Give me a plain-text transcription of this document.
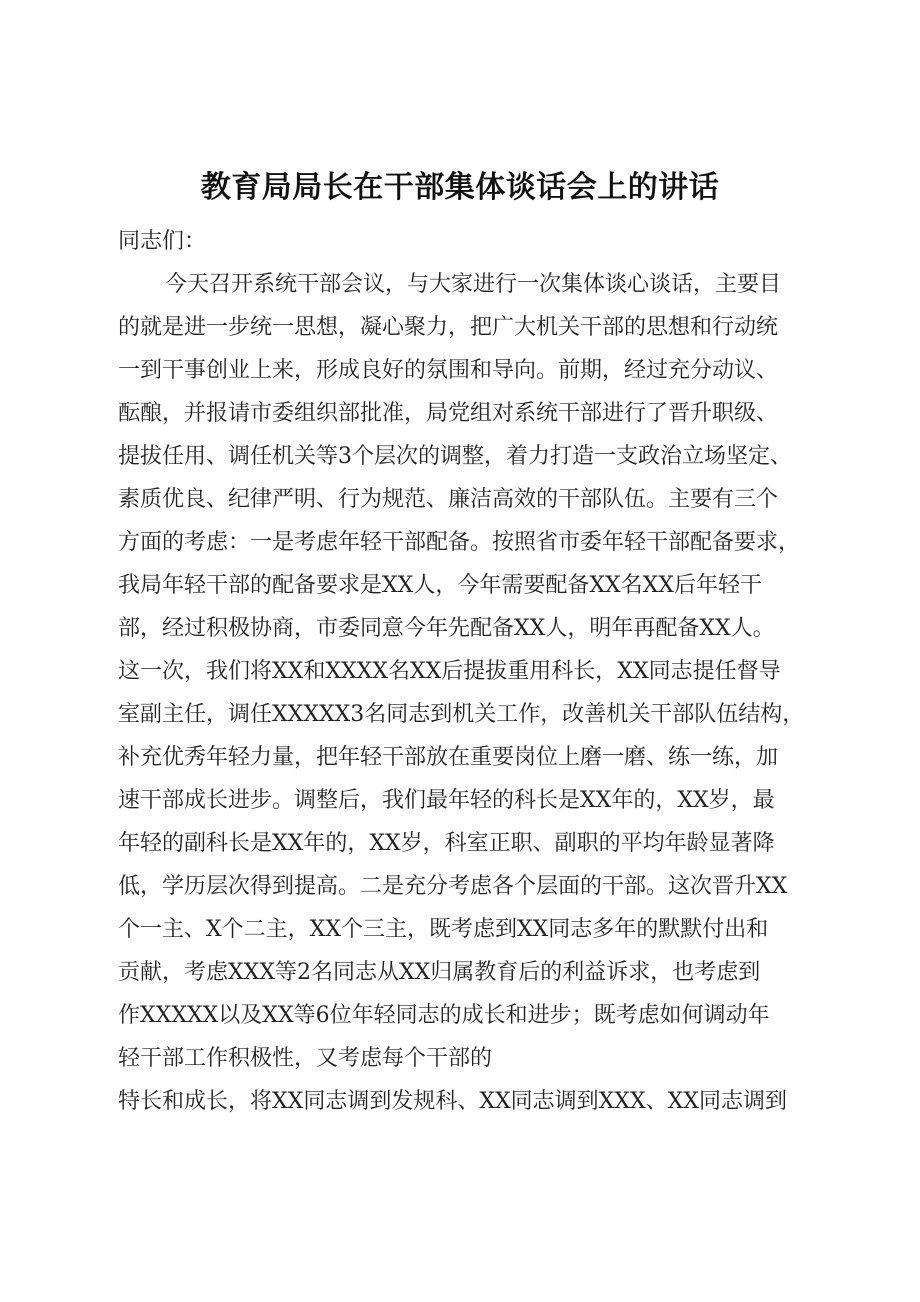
教育局局长在干部集体谈话会上的讲话

同志们：

今天召开系统干部会议，与大家进行一次集体谈心谈话，主要目

的就是进一步统一思想，凝心聚力，把广大机关干部的思想和行动统

一到干事创业上来，形成良好的氛围和导向。前期，经过充分动议、

酝酿，并报请市委组织部批准，局党组对系统干部进行了晋升职级、

提拔任用、调任机关等3个层次的调整，着力打造一支政治立场坚定、

素质优良、纪律严明、行为规范、廉洁高效的干部队伍。主要有三个

方面的考虑：一是考虑年轻干部配备。按照省市委年轻干部配备要求，

我局年轻干部的配备要求是XX人，今年需要配备XX名XX后年轻干

部，经过积极协商，市委同意今年先配备XX人，明年再配备XX人。

这一次，我们将XX和XXXX名XX后提拔重用科长，XX同志提任督导

室副主任，调任XXXXX3名同志到机关工作，改善机关干部队伍结构，

补充优秀年轻力量，把年轻干部放在重要岗位上磨一磨、练一练，加

速干部成长进步。调整后，我们最年轻的科长是XX年的，XX岁，最

年轻的副科长是XX年的，XX岁，科室正职、副职的平均年龄显著降

低，学历层次得到提高。二是充分考虑各个层面的干部。这次晋升XX

个一主、X个二主，XX个三主，既考虑到XX同志多年的默默付出和

贡献，考虑XXX等2名同志从XX归属教育后的利益诉求，也考虑到

作XXXXX以及XX等6位年轻同志的成长和进步；既考虑如何调动年

轻干部工作积极性，又考虑每个干部的

特长和成长，将XX同志调到发规科、XX同志调到XXX、XX同志调到
